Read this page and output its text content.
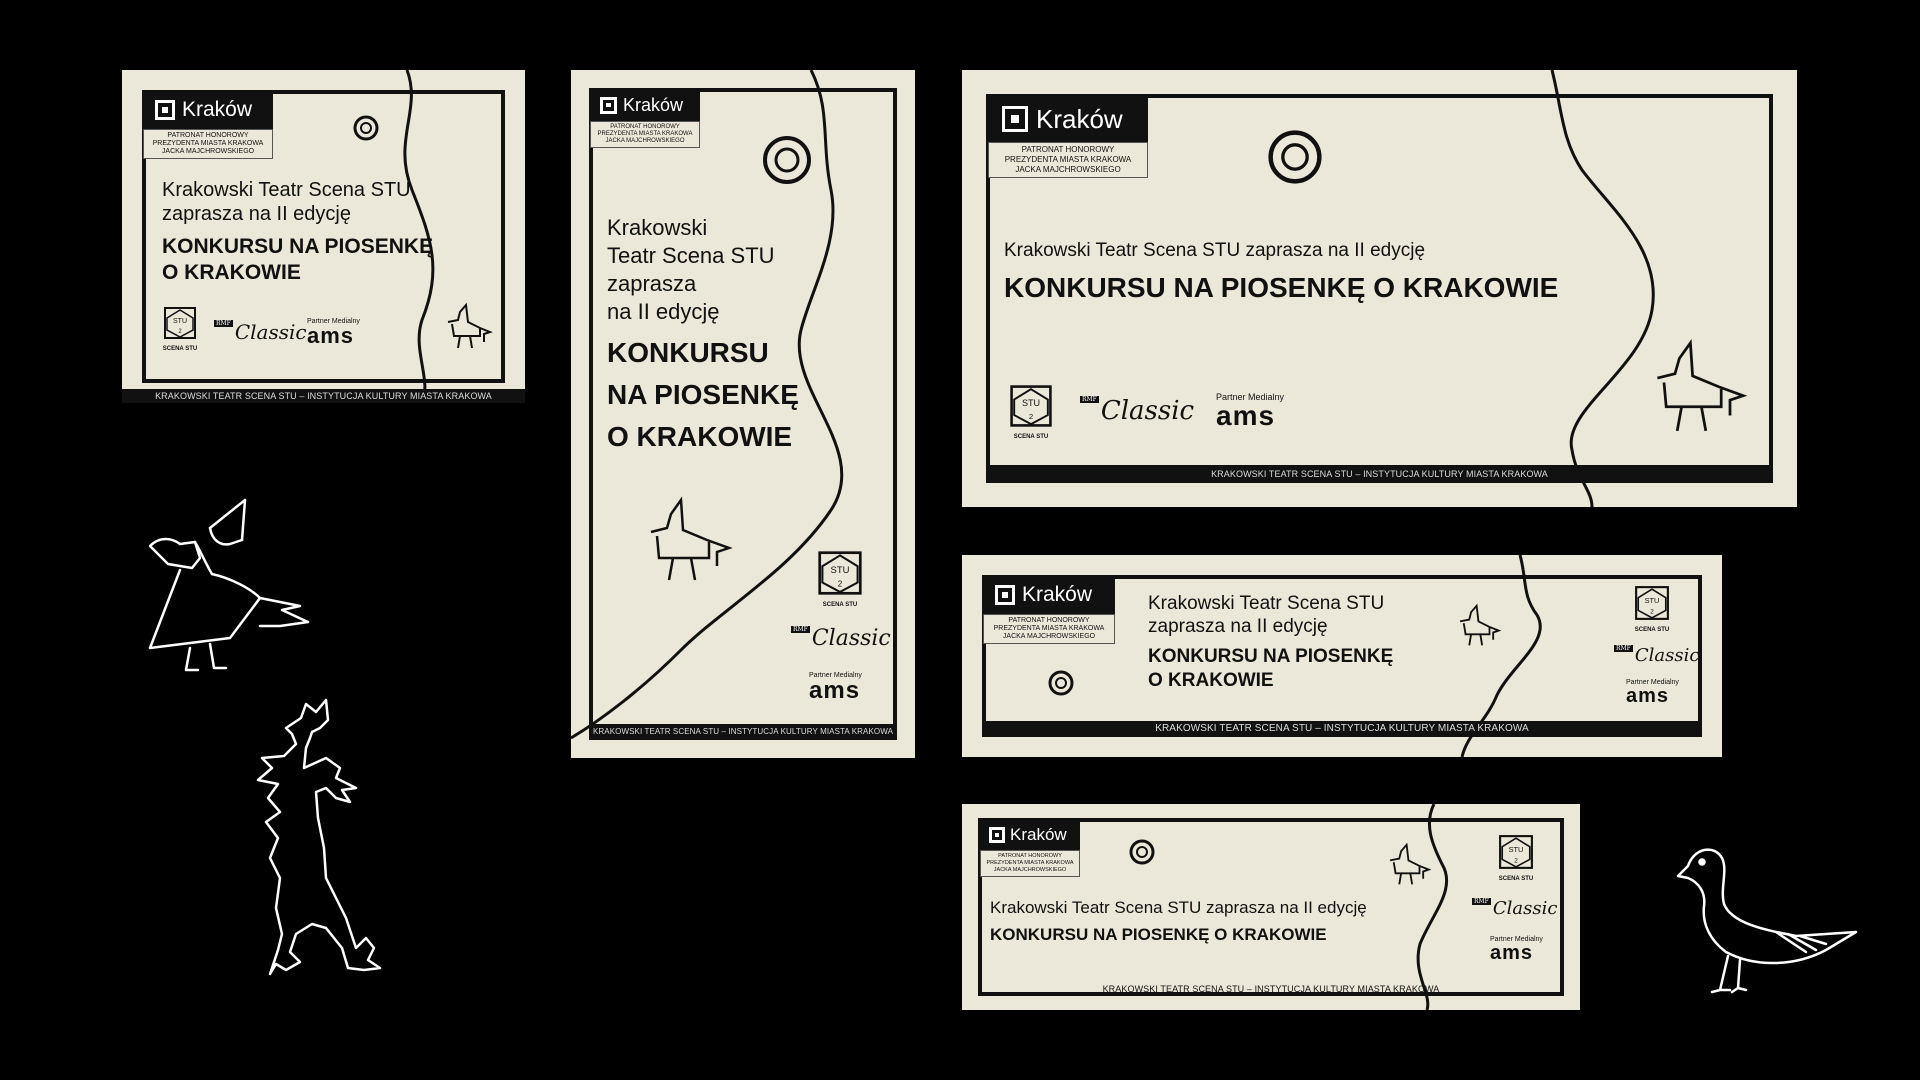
Kraków
PATRONAT HONOROWY
PREZYDENTA MIASTA KRAKOWA
JACKA MAJCHROWSKIEGO
Krakowski Teatr Scena STU
zaprasza na II edycję
KONKURSU NA PIOSENKĘ
O KRAKOWIE
STU
2
SCENA STU
$^{RMF}$ Classic Partner Medialny
ams
KRAKOWSKI TEATR SCENA STU – INSTYTUCJA KULTURY MIASTA KRAKOWA
Kraków
PATRONAT HONOROWY
PREZYDENTA MIASTA KRAKOWA
JACKA MAJCHROWSKIEGO
Krakowski
Teatr Scena STU
zaprasza
na II edycję
KONKURSU
NA PIOSENKĘ
O KRAKOWIE
STU
2
SCENA STU
$^{RMF}$ Classic
Partner Medialny
ams
KRAKOWSKI TEATR SCENA STU – INSTYTUCJA KULTURY MIASTA KRAKOWA
Kraków
PATRONAT HONOROWY
PREZYDENTA MIASTA KRAKOWA
JACKA MAJCHROWSKIEGO
Krakowski Teatr Scena STU zaprasza na II edycję
KONKURSU NA PIOSENKĘ O KRAKOWIE
STU
2
SCENA STU
$^{RMF}$ Classic Partner Medialny
ams
KRAKOWSKI TEATR SCENA STU – INSTYTUCJA KULTURY MIASTA KRAKOWA
Kraków
PATRONAT HONOROWY
PREZYDENTA MIASTA KRAKOWA
JACKA MAJCHROWSKIEGO
Krakowski Teatr Scena STU
zaprasza na II edycję
KONKURSU NA PIOSENKĘ
O KRAKOWIE
STU
2
SCENA STU
$^{RMF}$ Classic
Partner Medialny
ams
KRAKOWSKI TEATR SCENA STU – INSTYTUCJA KULTURY MIASTA KRAKOWA
Kraków
PATRONAT HONOROWY
PREZYDENTA MIASTA KRAKOWA
JACKA MAJCHROWSKIEGO
Krakowski Teatr Scena STU zaprasza na II edycję
KONKURSU NA PIOSENKĘ O KRAKOWIE
STU
2
SCENA STU
$^{RMF}$ Classic
Partner Medialny
ams
KRAKOWSKI TEATR SCENA STU – INSTYTUCJA KULTURY MIASTA KRAKOWA
